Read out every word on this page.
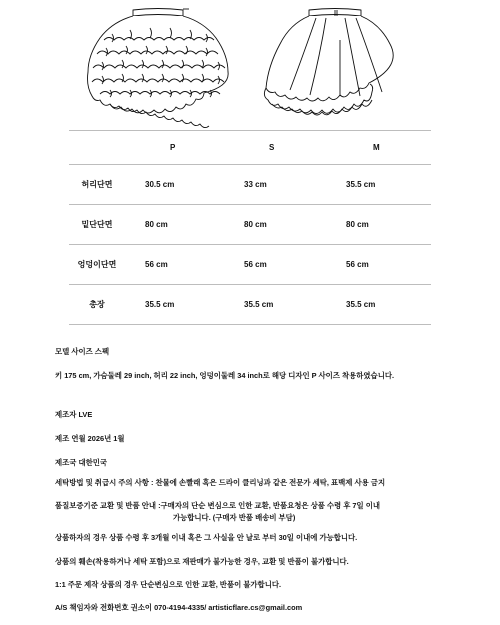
	P	S	M
허리단면	30.5 cm	33 cm	35.5 cm
밑단단면	80 cm	80 cm	80 cm
엉덩이단면	56 cm	56 cm	56 cm
총장	35.5 cm	35.5 cm	35.5 cm
모델 사이즈 스펙
키 175 cm, 가슴둘레 29 inch, 허리 22 inch, 엉덩이둘레 34 inch로 해당 디자인 P 사이즈 착용하였습니다.
제조자 LVE
제조 연월 2026년 1월
제조국 대한민국
세탁방법 및 취급시 주의 사항 : 찬물에 손빨래 혹은 드라이 클리닝과 같은 전문가 세탁, 표백제 사용 금지
품질보증기준 교환 및 반품 안내 :구매자의 단순 변심으로 인한 교환, 반품요청은 상품 수령 후 7일 이내
가능합니다. (구매자 반품 배송비 부담)
상품하자의 경우 상품 수령 후 3개월 이내 혹은 그 사실을 안 날로 부터 30일 이내에 가능합니다.
상품의 훼손(착용하거나 세탁 포함)으로 재판매가 불가능한 경우, 교환 및 반품이 불가합니다.
1:1 주문 제작 상품의 경우 단순변심으로 인한 교환, 반품이 불가합니다.
A/S 책임자와 전화번호 권소이 070-4194-4335/ artisticflare.cs@gmail.com
